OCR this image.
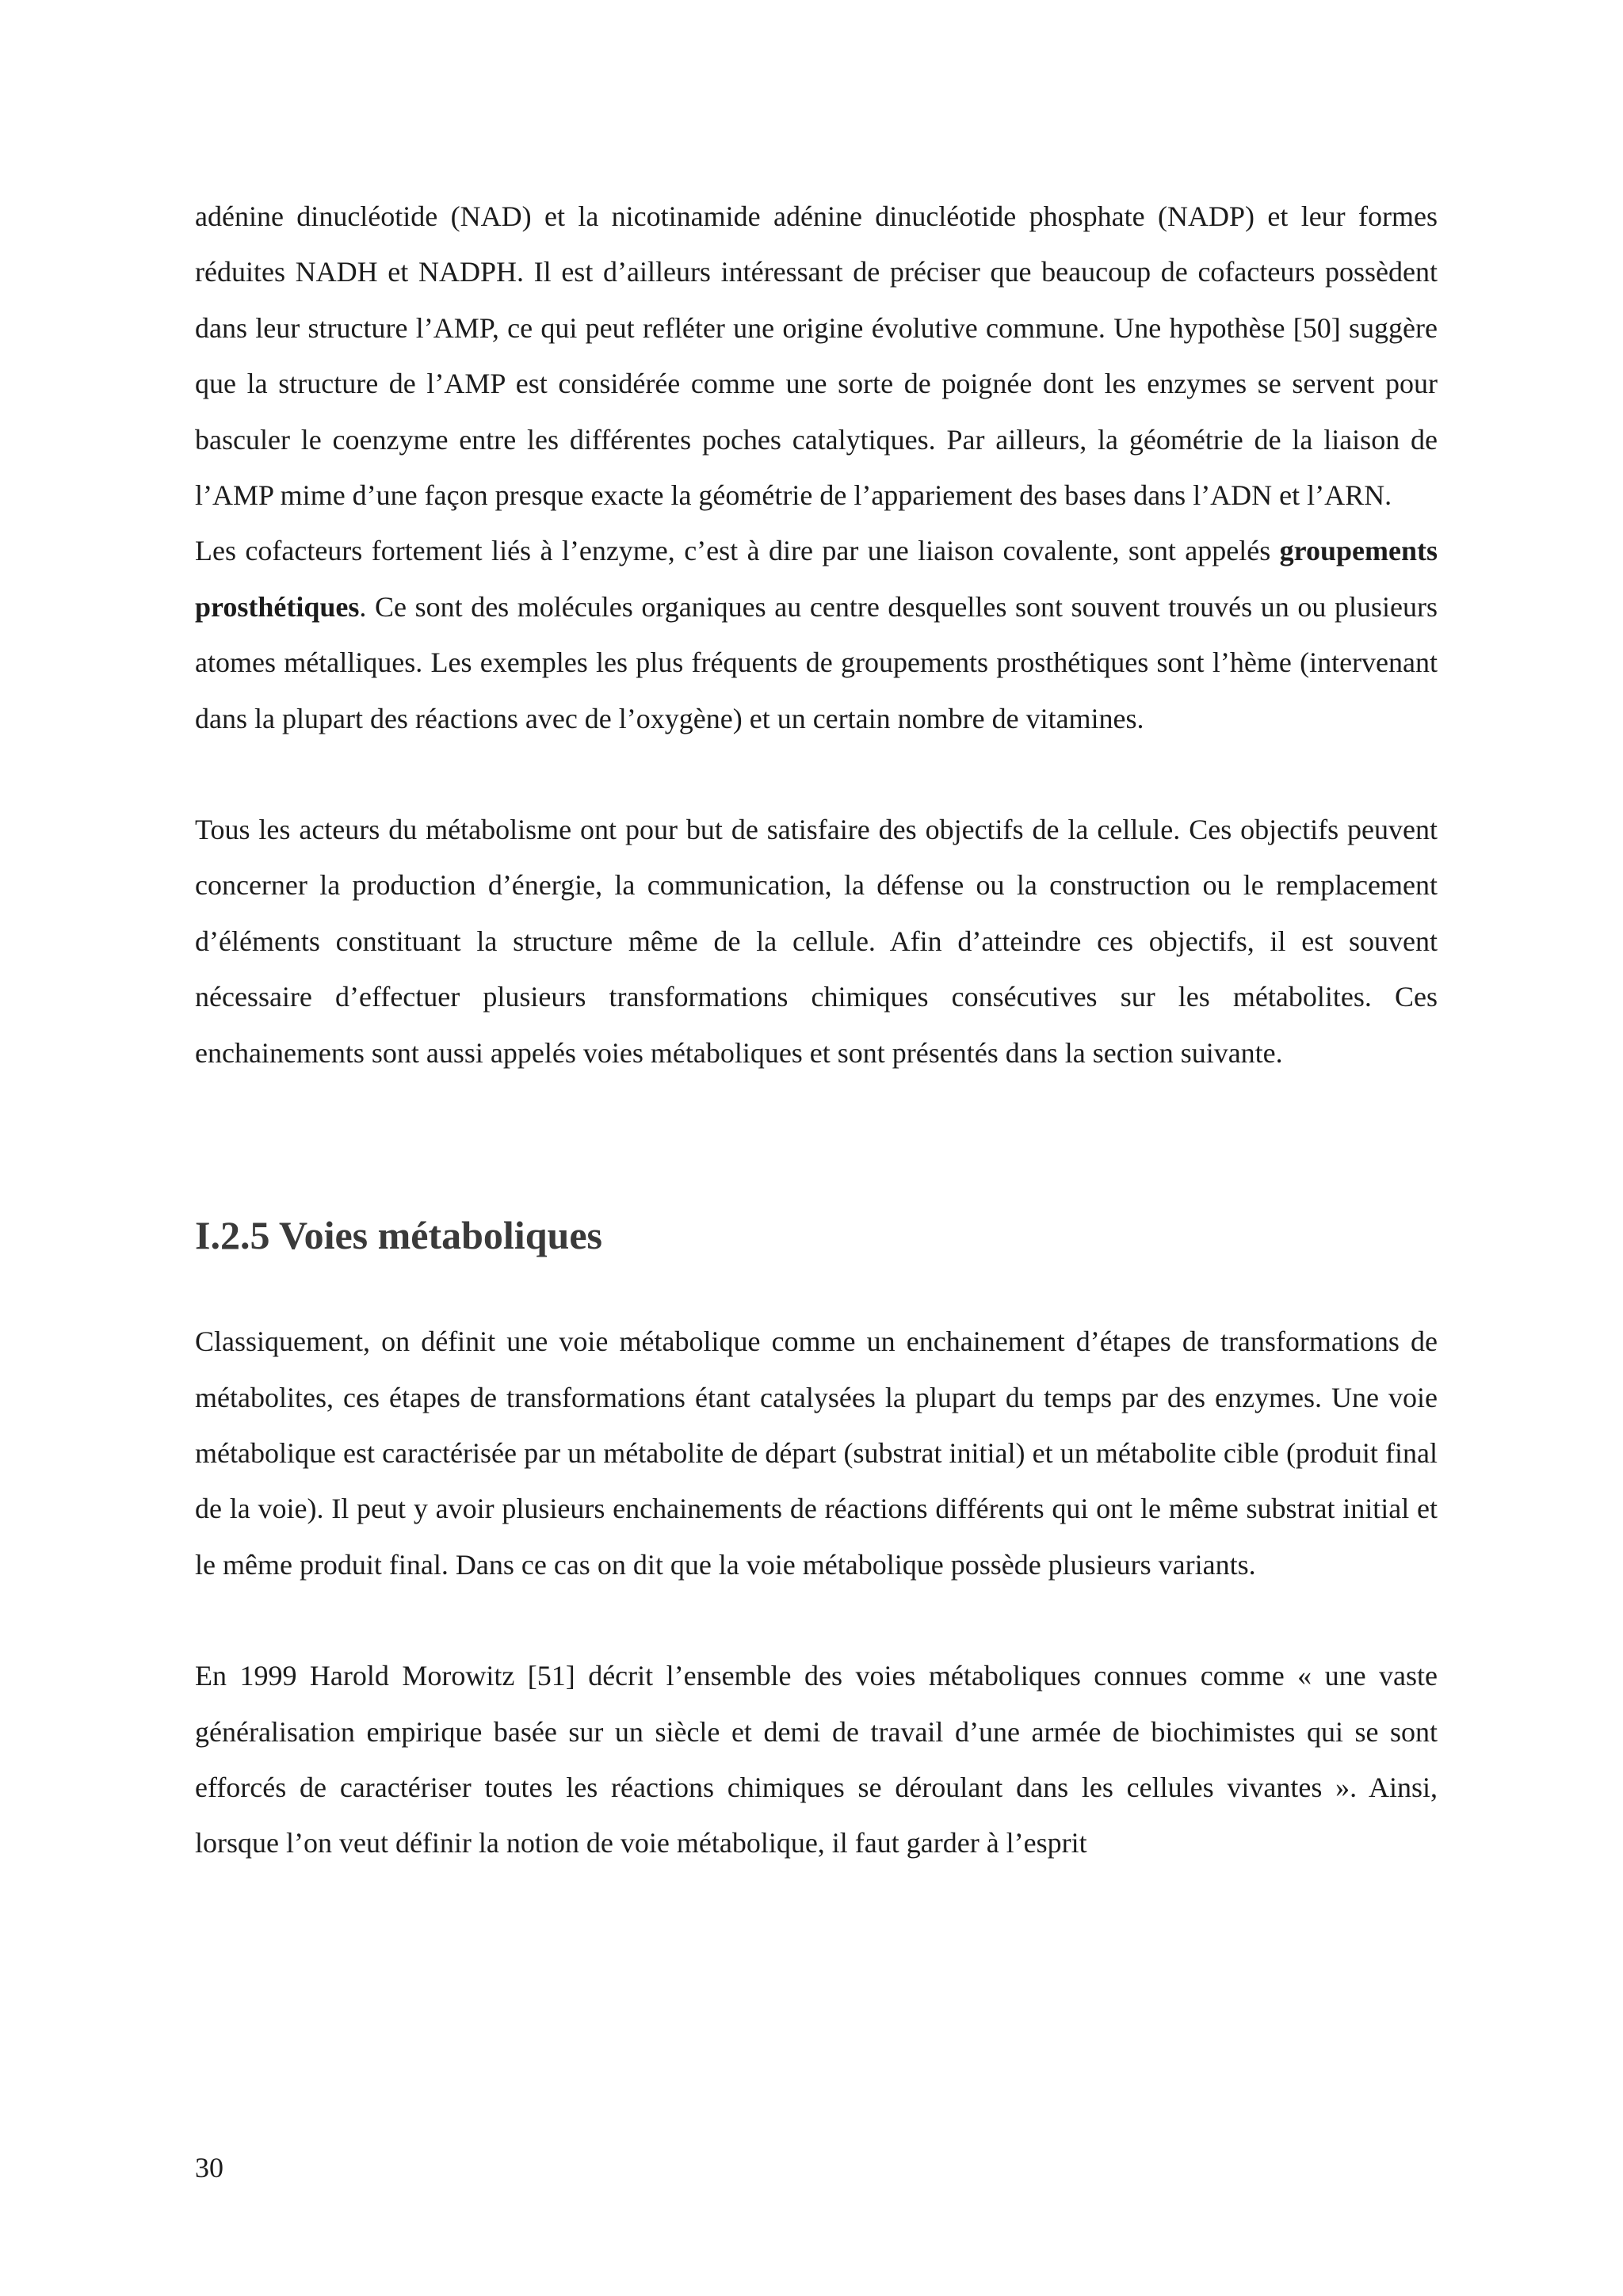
adénine dinucléotide (NAD) et la nicotinamide adénine dinucléotide phosphate (NADP) et leur formes réduites NADH et NADPH. Il est d’ailleurs intéressant de préciser que beaucoup de cofacteurs possèdent dans leur structure l’AMP, ce qui peut refléter une origine évolutive commune. Une hypothèse [50] suggère que la structure de l’AMP est considérée comme une sorte de poignée dont les enzymes se servent pour basculer le coenzyme entre les différentes poches catalytiques. Par ailleurs, la géométrie de la liaison de l’AMP mime d’une façon presque exacte la géométrie de l’appariement des bases dans l’ADN et l’ARN.

Les cofacteurs fortement liés à l’enzyme, c’est à dire par une liaison covalente, sont appelés groupements prosthétiques. Ce sont des molécules organiques au centre desquelles sont souvent trouvés un ou plusieurs atomes métalliques. Les exemples les plus fréquents de groupements prosthétiques sont l’hème (intervenant dans la plupart des réactions avec de l’oxygène) et un certain nombre de vitamines.

Tous les acteurs du métabolisme ont pour but de satisfaire des objectifs de la cellule. Ces objectifs peuvent concerner la production d’énergie, la communication, la défense ou la construction ou le remplacement d’éléments constituant la structure même de la cellule. Afin d’atteindre ces objectifs, il est souvent nécessaire d’effectuer plusieurs transformations chimiques consécutives sur les métabolites. Ces enchainements sont aussi appelés voies métaboliques et sont présentés dans la section suivante.

I.2.5 Voies métaboliques

Classiquement, on définit une voie métabolique comme un enchainement d’étapes de transformations de métabolites, ces étapes de transformations étant catalysées la plupart du temps par des enzymes. Une voie métabolique est caractérisée par un métabolite de départ (substrat initial) et un métabolite cible (produit final de la voie). Il peut y avoir plusieurs enchainements de réactions différents qui ont le même substrat initial et le même produit final. Dans ce cas on dit que la voie métabolique possède plusieurs variants.

En 1999 Harold Morowitz [51] décrit l’ensemble des voies métaboliques connues comme « une vaste généralisation empirique basée sur un siècle et demi de travail d’une armée de biochimistes qui se sont efforcés de caractériser toutes les réactions chimiques se déroulant dans les cellules vivantes ». Ainsi, lorsque l’on veut définir la notion de voie métabolique, il faut garder à l’esprit

30
